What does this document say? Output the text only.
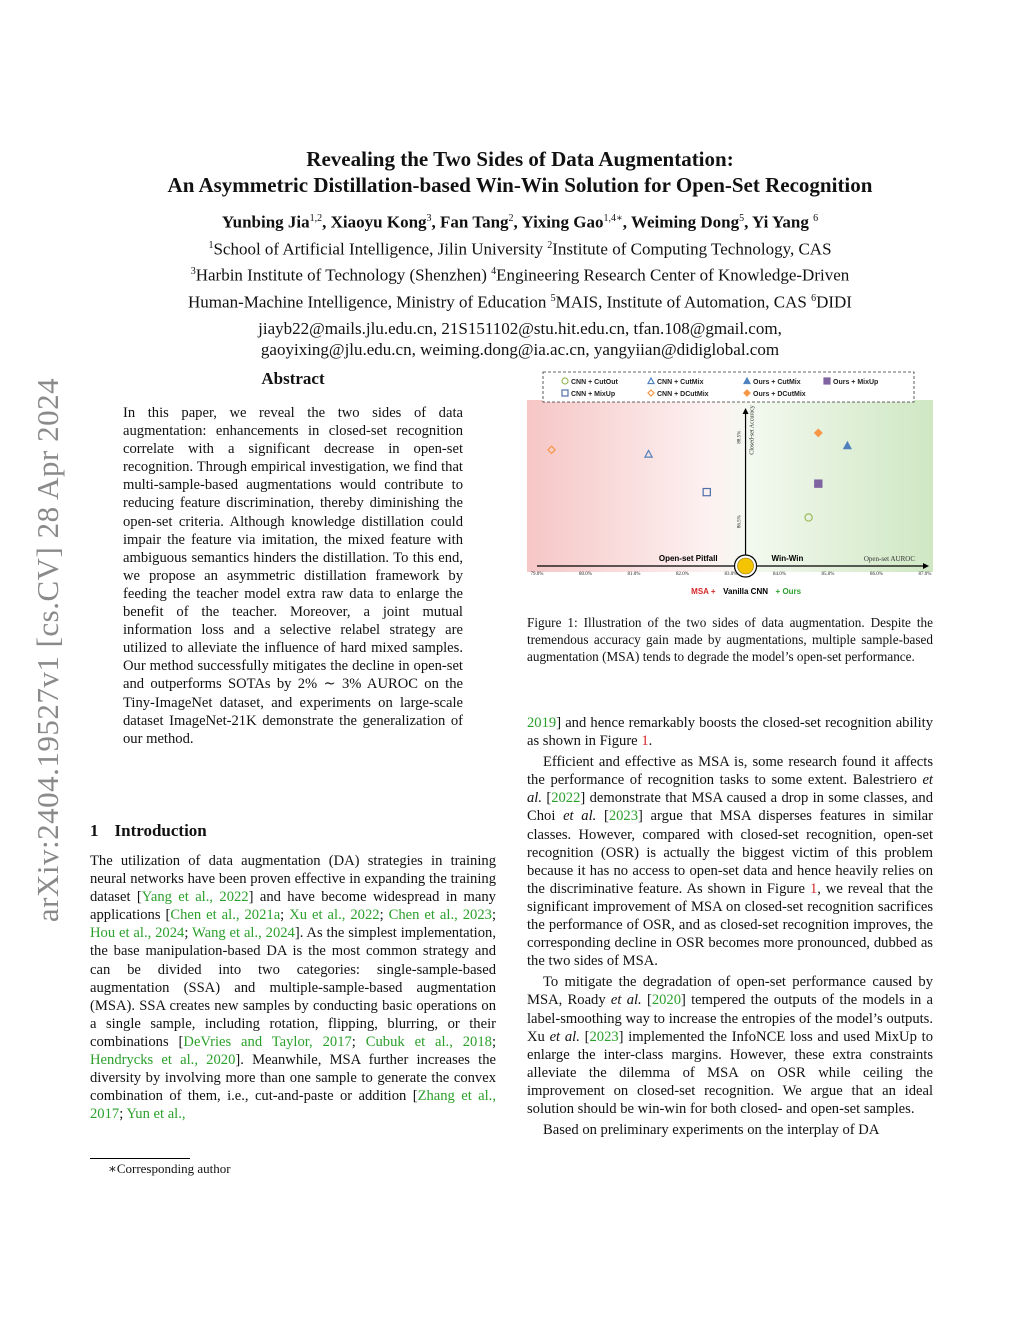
arXiv:2404.19527v1 [cs.CV] 28 Apr 2024
Revealing the Two Sides of Data Augmentation:
An Asymmetric Distillation-based Win-Win Solution for Open-Set Recognition
Yunbing Jia$^{1,2}$, Xiaoyu Kong$^3$, Fan Tang$^2$, Yixing Gao$^{1,4∗}$, Weiming Dong$^5$, Yi Yang $^6$
$^1$School of Artificial Intelligence, Jilin University $^2$Institute of Computing Technology, CAS
$^3$Harbin Institute of Technology (Shenzhen) $^4$Engineering Research Center of Knowledge-Driven
Human-Machine Intelligence, Ministry of Education $^5$MAIS, Institute of Automation, CAS $^6$DIDI
jiayb22@mails.jlu.edu.cn, 21S151102@stu.hit.edu.cn, tfan.108@gmail.com,
gaoyixing@jlu.edu.cn, weiming.dong@ia.ac.cn, yangyiian@didiglobal.com
Abstract

In this paper, we reveal the two sides of data augmentation: enhancements in closed-set recognition correlate with a significant decrease in open-set recognition. Through empirical investigation, we find that multi-sample-based augmentations would contribute to reducing feature discrimination, thereby diminishing the open-set criteria. Although knowledge distillation could impair the feature via imitation, the mixed feature with ambiguous semantics hinders the distillation. To this end, we propose an asymmetric distillation framework by feeding the teacher model extra raw data to enlarge the benefit of the teacher. Moreover, a joint mutual information loss and a selective relabel strategy are utilized to alleviate the influence of hard mixed samples. Our method successfully mitigates the decline in open-set and outperforms SOTAs by 2% ∼ 3% AUROC on the Tiny-ImageNet dataset, and experiments on large-scale dataset ImageNet-21K demonstrate the generalization of our method.

1 Introduction

The utilization of data augmentation (DA) strategies in training neural networks have been proven effective in expanding the training dataset [Yang et al., 2022] and have become widespread in many applications [Chen et al., 2021a; Xu et al., 2022; Chen et al., 2023; Hou et al., 2024; Wang et al., 2024]. As the simplest implementation, the base manipulation-based DA is the most common strategy and can be divided into two categories: single-sample-based augmentation (SSA) and multiple-sample-based augmentation (MSA). SSA creates new samples by conducting basic operations on a single sample, including rotation, flipping, blurring, or their combinations [DeVries and Taylor, 2017; Cubuk et al., 2018; Hendrycks et al., 2020]. Meanwhile, MSA further increases the diversity by involving more than one sample to generate the convex combination of them, i.e., cut-and-paste or addition [Zhang et al., 2017; Yun et al.,

∗Corresponding author
CNN + CutOut	CNN + CutMix	Ours + CutMix	Ours + MixUp
CNN + MixUp	CNN + DCutMix	Ours + DCutMix
79.0%	80.0%	81.0%	82.0%	83.0%	84.0%	85.0%	86.0%	87.0%
88.5%
86.5%
Closed-set Accuracy
Open-set AUROC
Open-set Pitfall	Win-Win
MSA + Vanilla CNN + Ours
Figure 1: Illustration of the two sides of data augmentation. Despite the tremendous accuracy gain made by augmentations, multiple sample-based augmentation (MSA) tends to degrade the model’s open-set performance.

2019] and hence remarkably boosts the closed-set recognition ability as shown in Figure 1.

Efficient and effective as MSA is, some research found it affects the performance of recognition tasks to some extent. Balestriero et al. [2022] demonstrate that MSA caused a drop in some classes, and Choi et al. [2023] argue that MSA disperses features in similar classes. However, compared with closed-set recognition, open-set recognition (OSR) is actually the biggest victim of this problem because it has no access to open-set data and hence heavily relies on the discriminative feature. As shown in Figure 1, we reveal that the significant improvement of MSA on closed-set recognition sacrifices the performance of OSR, and as closed-set recognition improves, the corresponding decline in OSR becomes more pronounced, dubbed as the two sides of MSA.

To mitigate the degradation of open-set performance caused by MSA, Roady et al. [2020] tempered the outputs of the models in a label-smoothing way to increase the entropies of the model’s outputs. Xu et al. [2023] implemented the InfoNCE loss and used MixUp to enlarge the inter-class margins. However, these extra constraints alleviate the dilemma of MSA on OSR while ceiling the improvement on closed-set recognition. We argue that an ideal solution should be win-win for both closed- and open-set samples.

Based on preliminary experiments on the interplay of DA
